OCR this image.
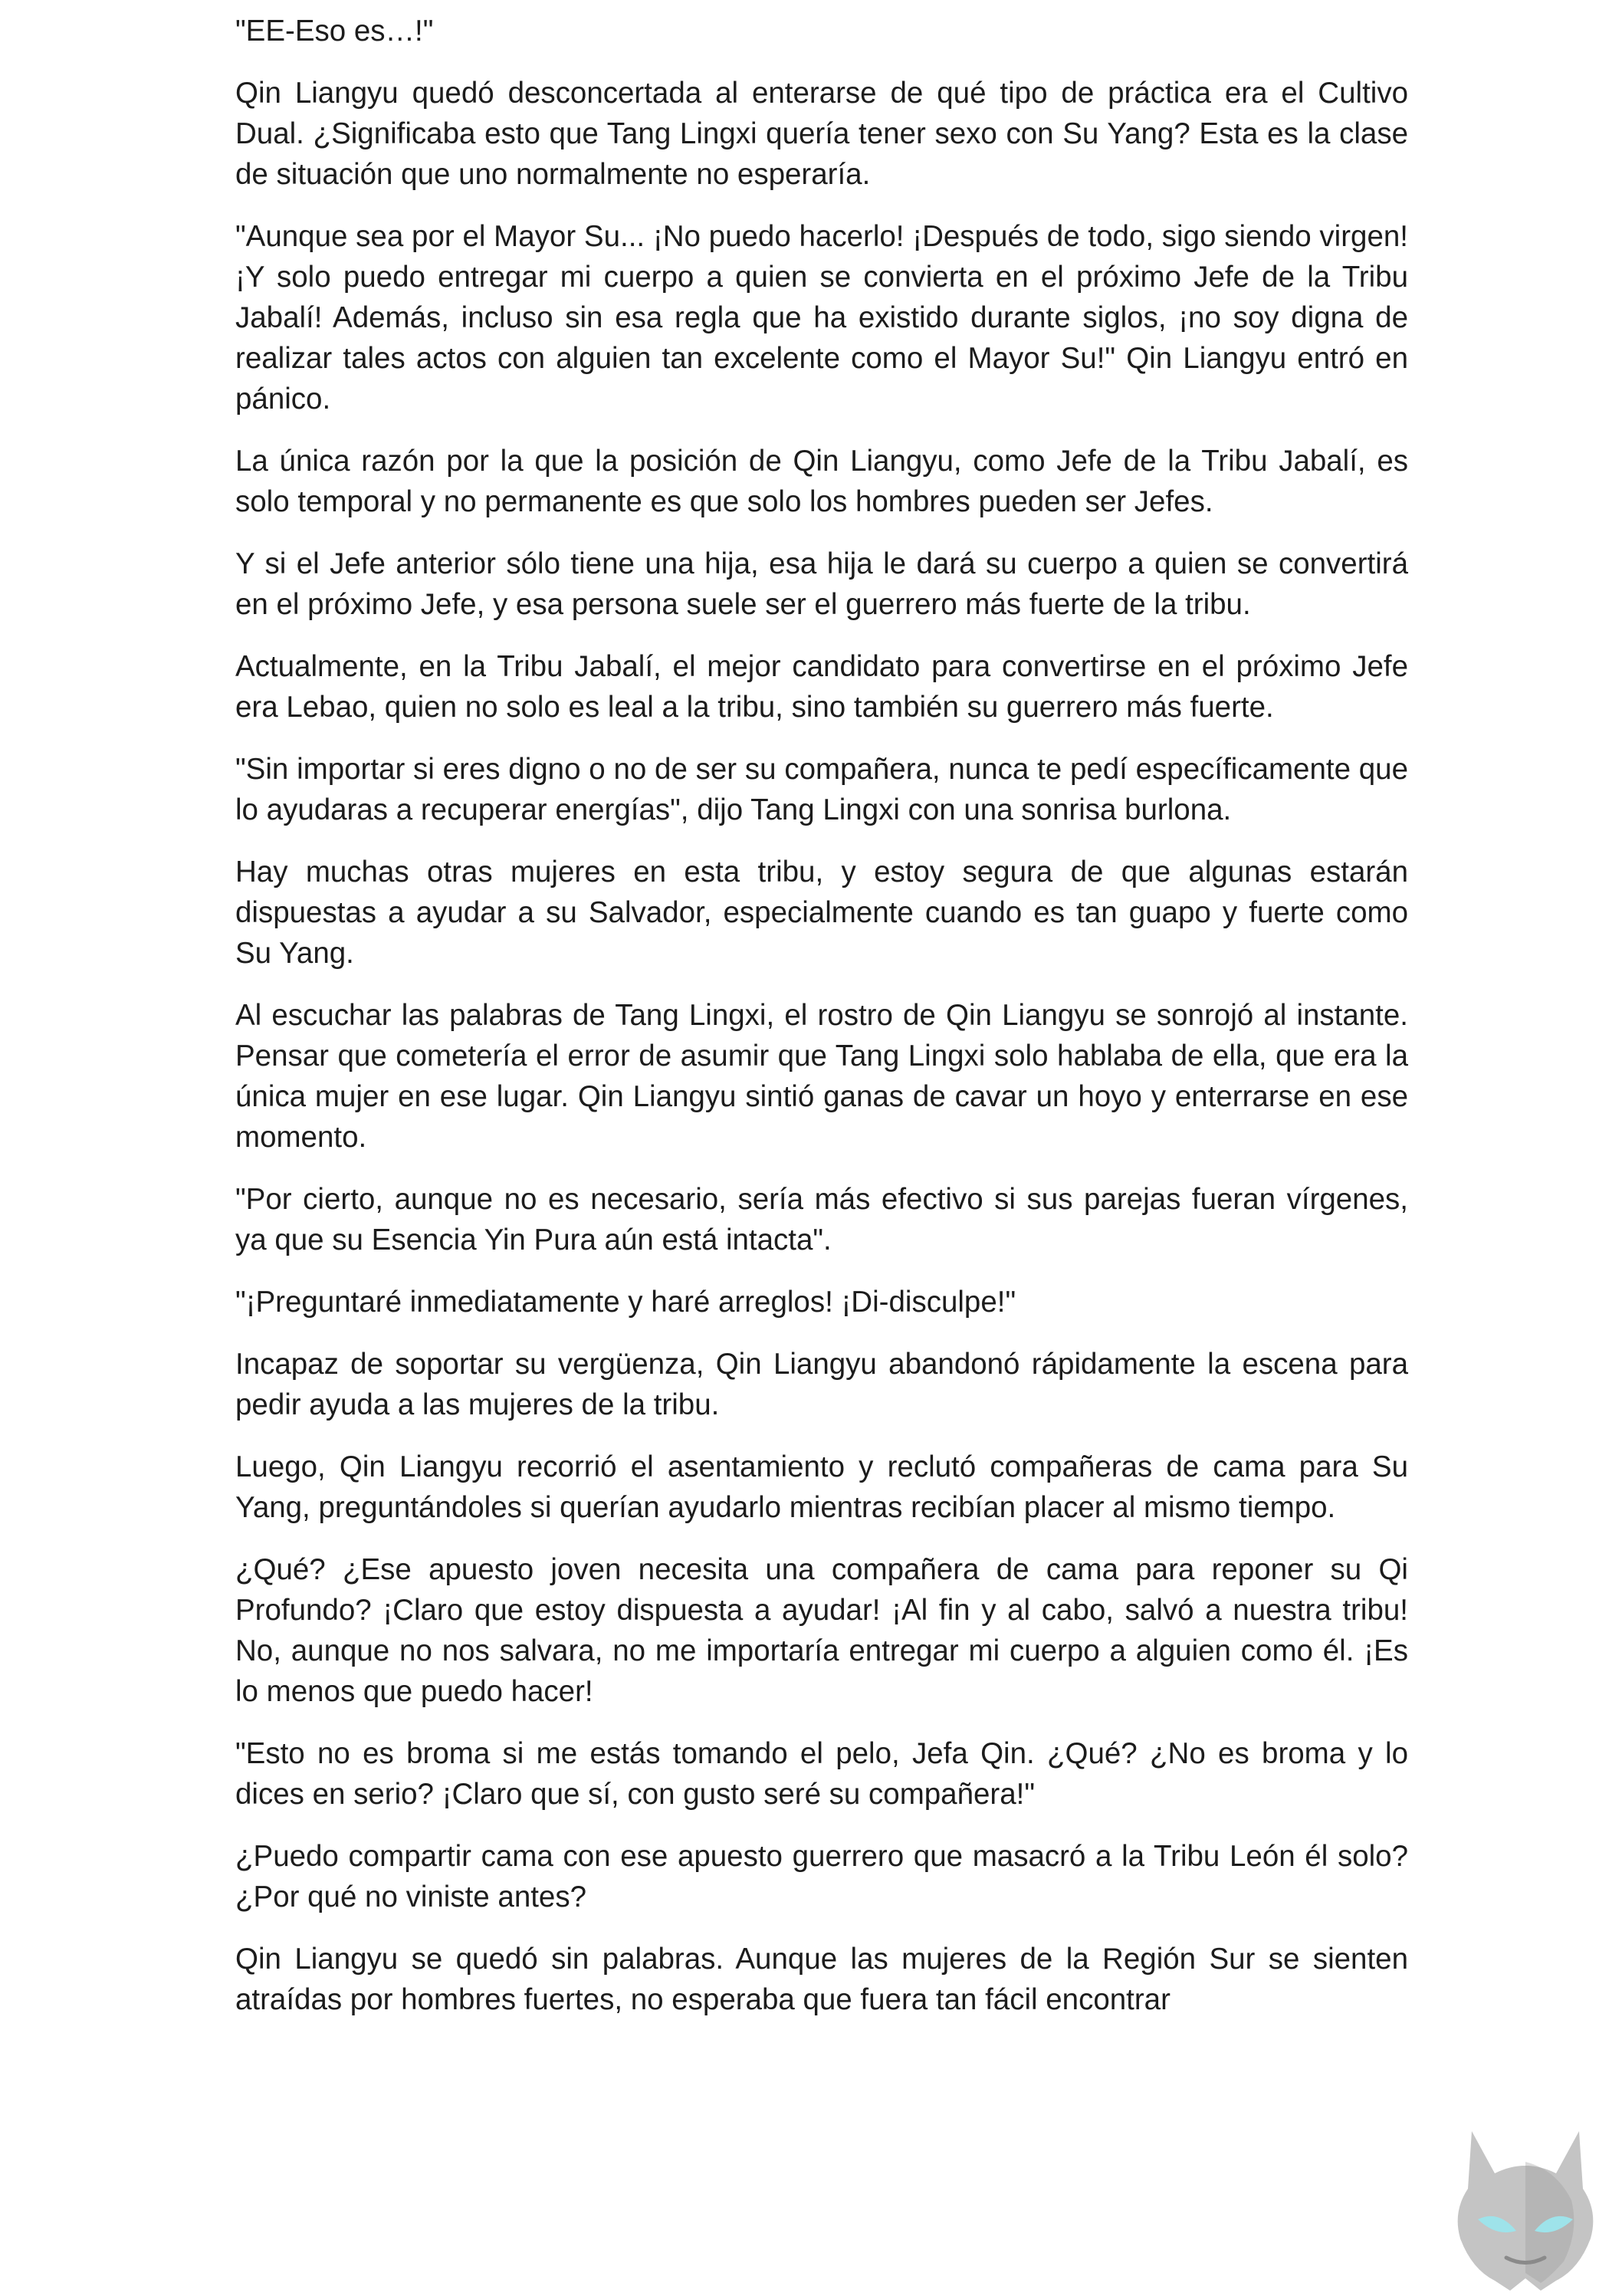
"EE-Eso es…!"

Qin Liangyu quedó desconcertada al enterarse de qué tipo de práctica era el Cultivo Dual. ¿Significaba esto que Tang Lingxi quería tener sexo con Su Yang? Esta es la clase de situación que uno normalmente no esperaría.

"Aunque sea por el Mayor Su... ¡No puedo hacerlo! ¡Después de todo, sigo siendo virgen! ¡Y solo puedo entregar mi cuerpo a quien se convierta en el próximo Jefe de la Tribu Jabalí! Además, incluso sin esa regla que ha existido durante siglos, ¡no soy digna de realizar tales actos con alguien tan excelente como el Mayor Su!" Qin Liangyu entró en pánico.

La única razón por la que la posición de Qin Liangyu, como Jefe de la Tribu Jabalí, es solo temporal y no permanente es que solo los hombres pueden ser Jefes.

Y si el Jefe anterior sólo tiene una hija, esa hija le dará su cuerpo a quien se convertirá en el próximo Jefe, y esa persona suele ser el guerrero más fuerte de la tribu.

Actualmente, en la Tribu Jabalí, el mejor candidato para convertirse en el próximo Jefe era Lebao, quien no solo es leal a la tribu, sino también su guerrero más fuerte.

"Sin importar si eres digno o no de ser su compañera, nunca te pedí específicamente que lo ayudaras a recuperar energías", dijo Tang Lingxi con una sonrisa burlona.

Hay muchas otras mujeres en esta tribu, y estoy segura de que algunas estarán dispuestas a ayudar a su Salvador, especialmente cuando es tan guapo y fuerte como Su Yang.

Al escuchar las palabras de Tang Lingxi, el rostro de Qin Liangyu se sonrojó al instante. Pensar que cometería el error de asumir que Tang Lingxi solo hablaba de ella, que era la única mujer en ese lugar. Qin Liangyu sintió ganas de cavar un hoyo y enterrarse en ese momento.

"Por cierto, aunque no es necesario, sería más efectivo si sus parejas fueran vírgenes, ya que su Esencia Yin Pura aún está intacta".

"¡Preguntaré inmediatamente y haré arreglos! ¡Di-disculpe!"

Incapaz de soportar su vergüenza, Qin Liangyu abandonó rápidamente la escena para pedir ayuda a las mujeres de la tribu.

Luego, Qin Liangyu recorrió el asentamiento y reclutó compañeras de cama para Su Yang, preguntándoles si querían ayudarlo mientras recibían placer al mismo tiempo.

¿Qué? ¿Ese apuesto joven necesita una compañera de cama para reponer su Qi Profundo? ¡Claro que estoy dispuesta a ayudar! ¡Al fin y al cabo, salvó a nuestra tribu! No, aunque no nos salvara, no me importaría entregar mi cuerpo a alguien como él. ¡Es lo menos que puedo hacer!

"Esto no es broma si me estás tomando el pelo, Jefa Qin. ¿Qué? ¿No es broma y lo dices en serio? ¡Claro que sí, con gusto seré su compañera!"

¿Puedo compartir cama con ese apuesto guerrero que masacró a la Tribu León él solo? ¿Por qué no viniste antes?

Qin Liangyu se quedó sin palabras. Aunque las mujeres de la Región Sur se sienten atraídas por hombres fuertes, no esperaba que fuera tan fácil encontrar
